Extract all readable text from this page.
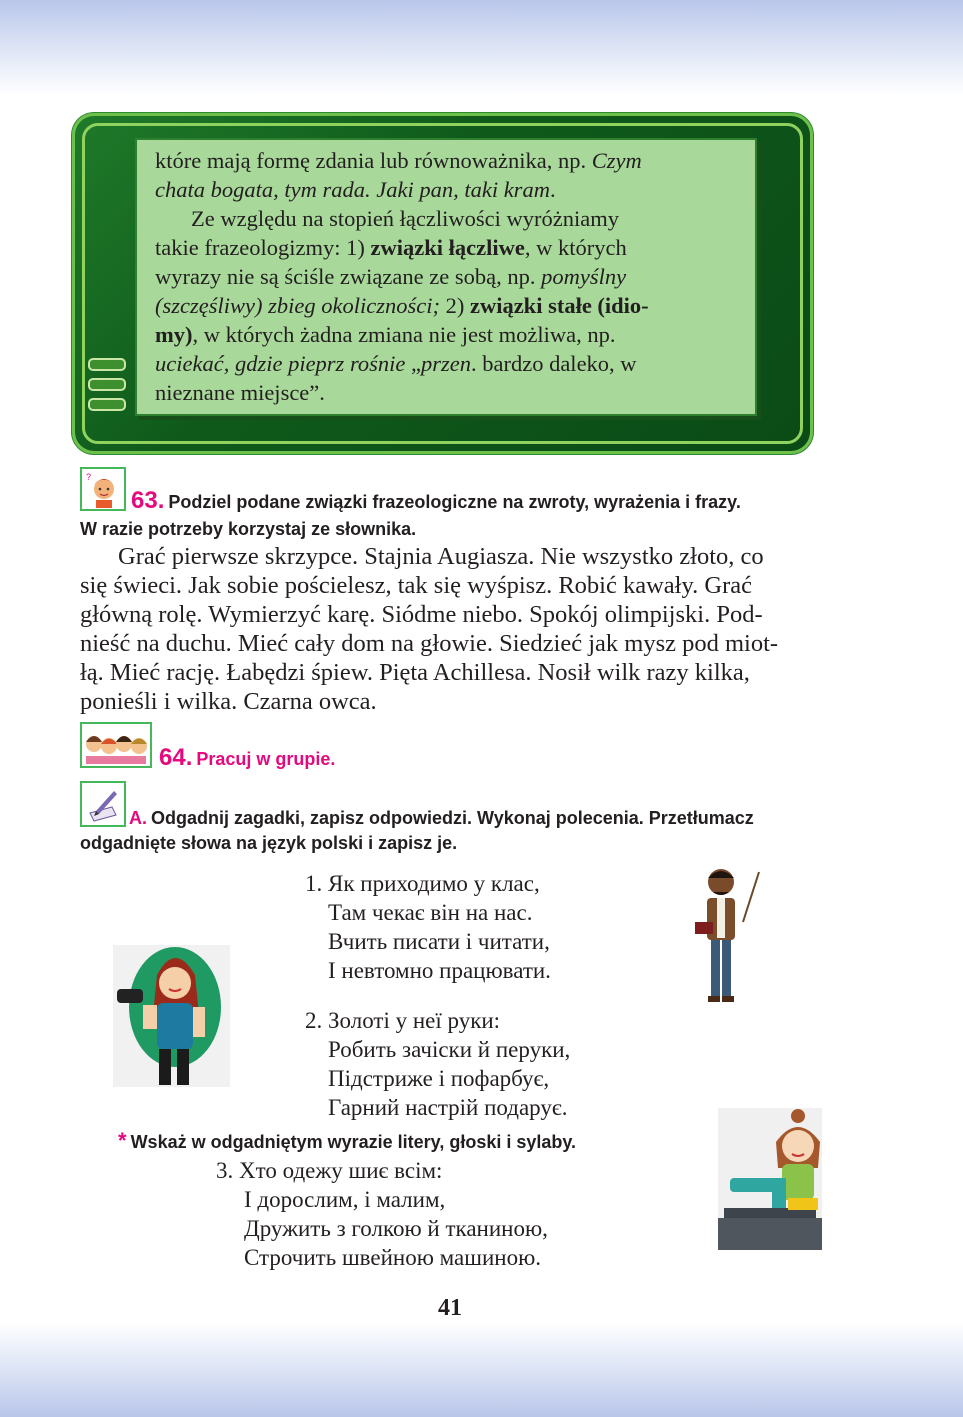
które mają formę zdania lub równoważnika, np. Czym

chata bogata, tym rada. Jaki pan, taki kram.

Ze względu na stopień łączliwości wyróżniamy

takie frazeologizmy: 1) związki łączliwe, w których

wyrazy nie są ściśle związane ze sobą, np. pomyślny

(szczęśliwy) zbieg okoliczności; 2) związki stałe (idio-

my), w których żadna zmiana nie jest możliwa, np.

uciekać, gdzie pieprz rośnie „przen. bardzo daleko, w

nieznane miejsce”.

?
63. Podziel podane związki frazeologiczne na zwroty, wyrażenia i frazy.
W razie potrzeby korzystaj ze słownika.

Grać pierwsze skrzypce. Stajnia Augiasza. Nie wszystko złoto, co

się świeci. Jak sobie pościelesz, tak się wyśpisz. Robić kawały. Grać

główną rolę. Wymierzyć karę. Siódme niebo. Spokój olimpijski. Pod-

nieść na duchu. Mieć cały dom na głowie. Siedzieć jak mysz pod miot-

łą. Mieć rację. Łabędzi śpiew. Pięta Achillesa. Nosił wilk razy kilka,

ponieśli i wilka. Czarna owca.

64. Pracuj w grupie.
A. Odgadnij zagadki, zapisz odpowiedzi. Wykonaj polecenia. Przetłumacz
odgadnięte słowa na język polski i zapisz je.
1. Як приходимо у клас,
Там чекає він на нас.
Вчить писати і читати,
І невтомно працювати.
2. Золоті у неї руки:
Робить зачіски й перуки,
Підстриже і пофарбує,
Гарний настрій подарує.
* Wskaż w odgadniętym wyrazie litery, głoski i sylaby.
3. Хто одежу шиє всім:
І дорослим, і малим,
Дружить з голкою й тканиною,
Строчить швейною машиною.
41
